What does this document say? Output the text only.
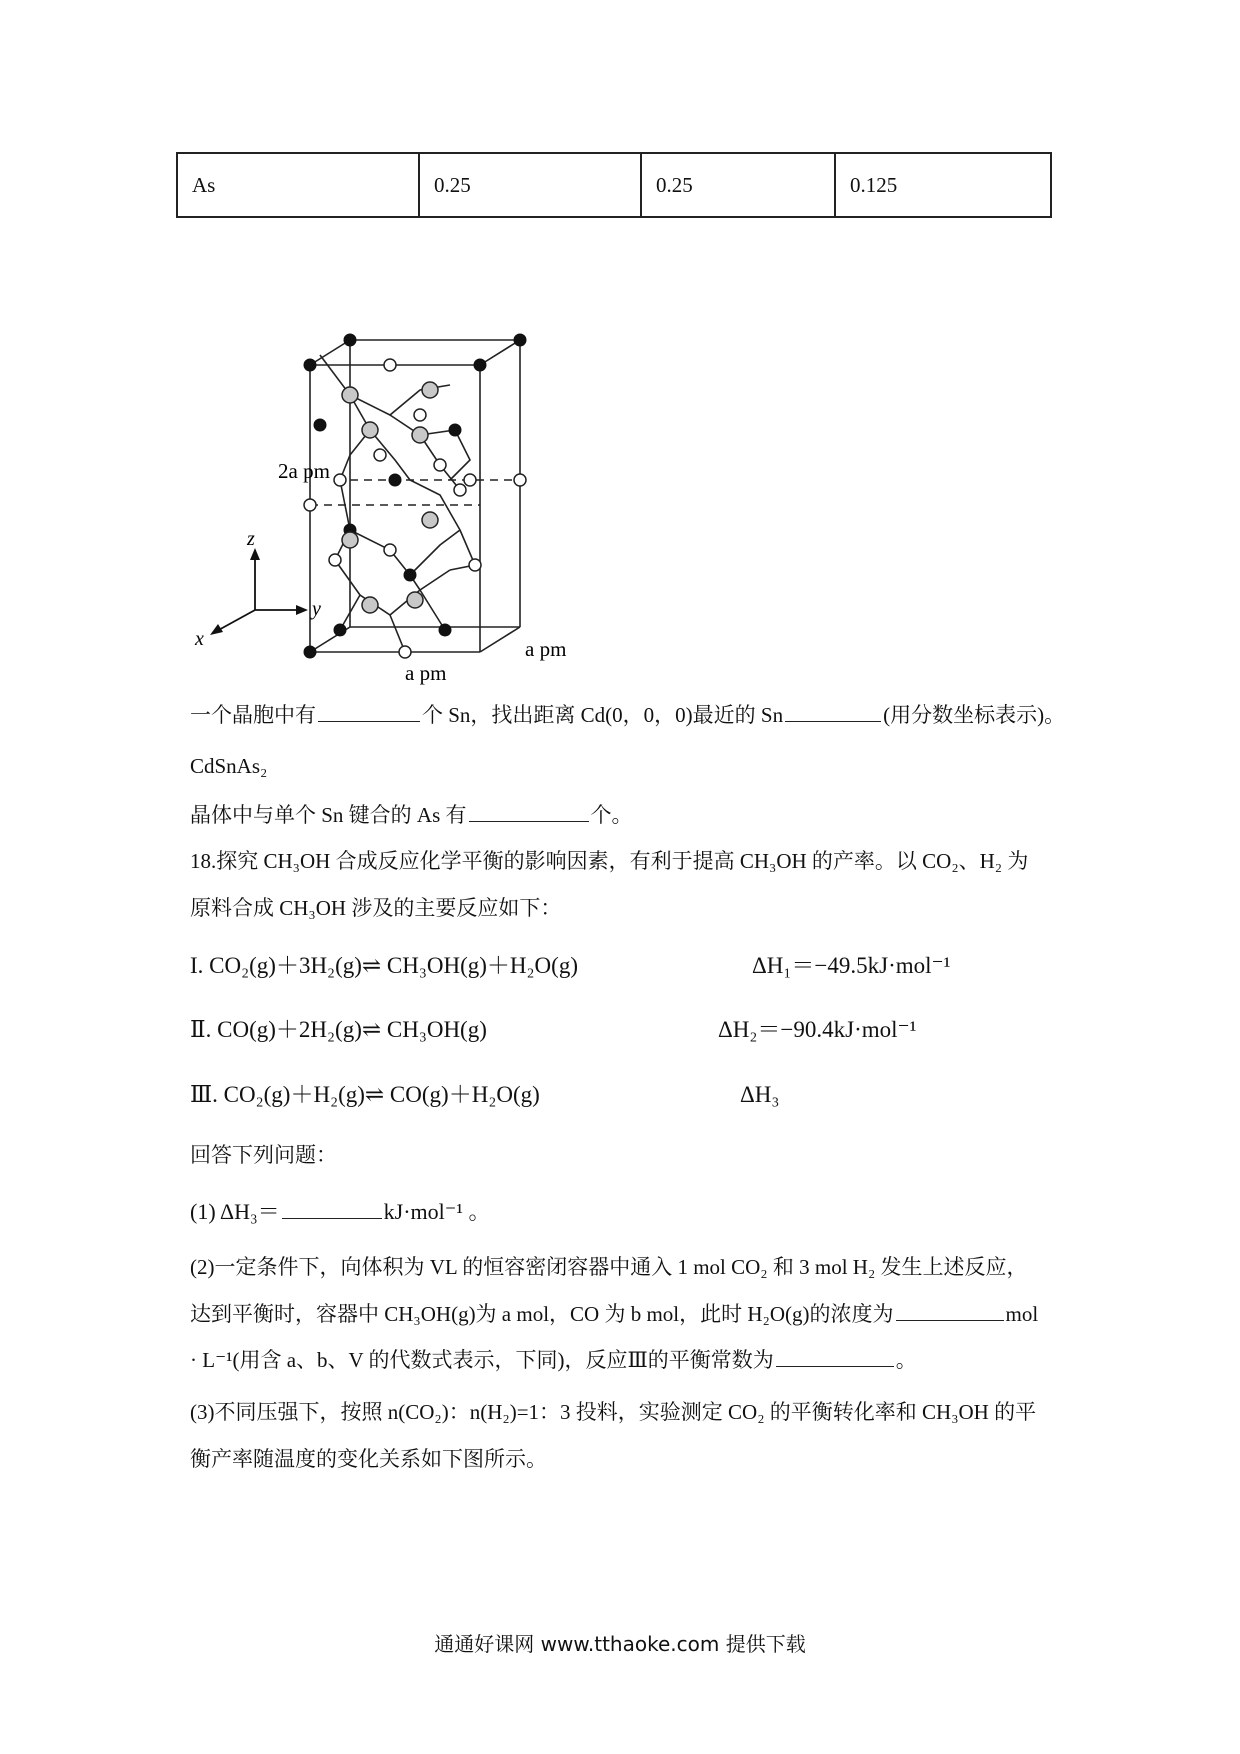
As	0.25	0.25	0.125
z
y
x
2a pm
a pm
a pm
一个晶胞中有	个 Sn，找出距离 Cd(0，0，0)最近的 Sn	(用分数坐标表示)。
CdSnAs₂
晶体中与单个 Sn 键合的 As 有	个。
18.探究 CH₃OH 合成反应化学平衡的影响因素，有利于提高 CH₃OH 的产率。以 CO₂、H₂ 为
原料合成 CH₃OH 涉及的主要反应如下：
I. CO₂(g)＋3H₂(g)⇌ CH₃OH(g)＋H₂O(g)	ΔH₁＝−49.5kJ·mol⁻¹
Ⅱ. CO(g)＋2H₂(g)⇌ CH₃OH(g)	ΔH₂＝−90.4kJ·mol⁻¹
Ⅲ. CO₂(g)＋H₂(g)⇌ CO(g)＋H₂O(g)	ΔH₃
回答下列问题：
(1) ΔH₃＝	kJ·mol⁻¹ 。
(2)一定条件下，向体积为 VL 的恒容密闭容器中通入 1 mol CO₂ 和 3 mol H₂ 发生上述反应，
达到平衡时，容器中 CH₃OH(g)为 a mol，CO 为 b mol，此时 H₂O(g)的浓度为	mol
· L⁻¹(用含 a、b、V 的代数式表示，下同)，反应Ⅲ的平衡常数为	。
(3)不同压强下，按照 n(CO₂)：n(H₂)=1：3 投料，实验测定 CO₂ 的平衡转化率和 CH₃OH 的平
衡产率随温度的变化关系如下图所示。
通通好课网 www.tthaoke.com 提供下载
